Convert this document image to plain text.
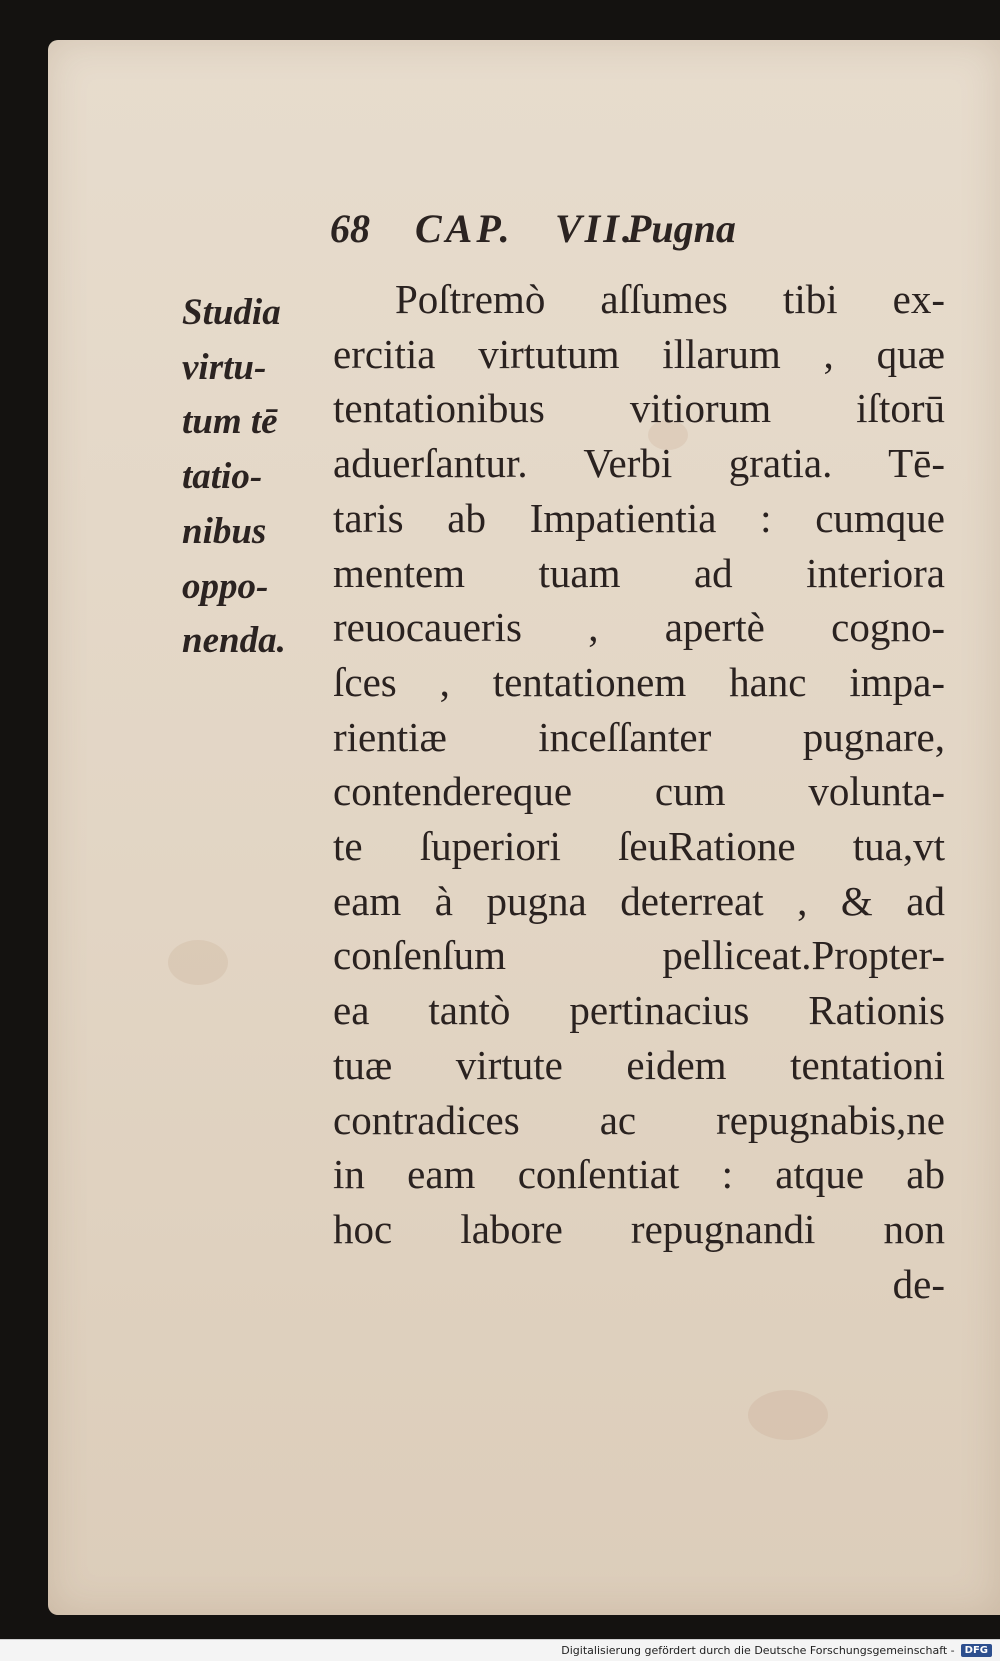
68 CAP. VII.Pugna
Studia
virtu-
tum tē
tatio-
nibus
oppo-
nenda.
Poſtremò aſſumes tibi ex-
ercitia virtutum illarum , quæ
tentationibus vitiorum iſtorū
aduerſantur. Verbi gratia. Tē-
taris ab Impatientia : cumque
mentem tuam ad interiora
reuocaueris , apertè cogno-
ſces , tentationem hanc impa-
rientiæ inceſſanter pugnare,
contendereque cum volunta-
te ſuperiori ſeuRatione tua,vt
eam à pugna deterreat , & ad
conſenſum pelliceat.Propter-
ea tantò pertinacius Rationis
tuæ virtute eidem tentationi
contradices ac repugnabis,ne
in eam conſentiat : atque ab
hoc labore repugnandi non
de-
Digitalisierung gefördert durch die Deutsche Forschungsgemeinschaft -	DFG
